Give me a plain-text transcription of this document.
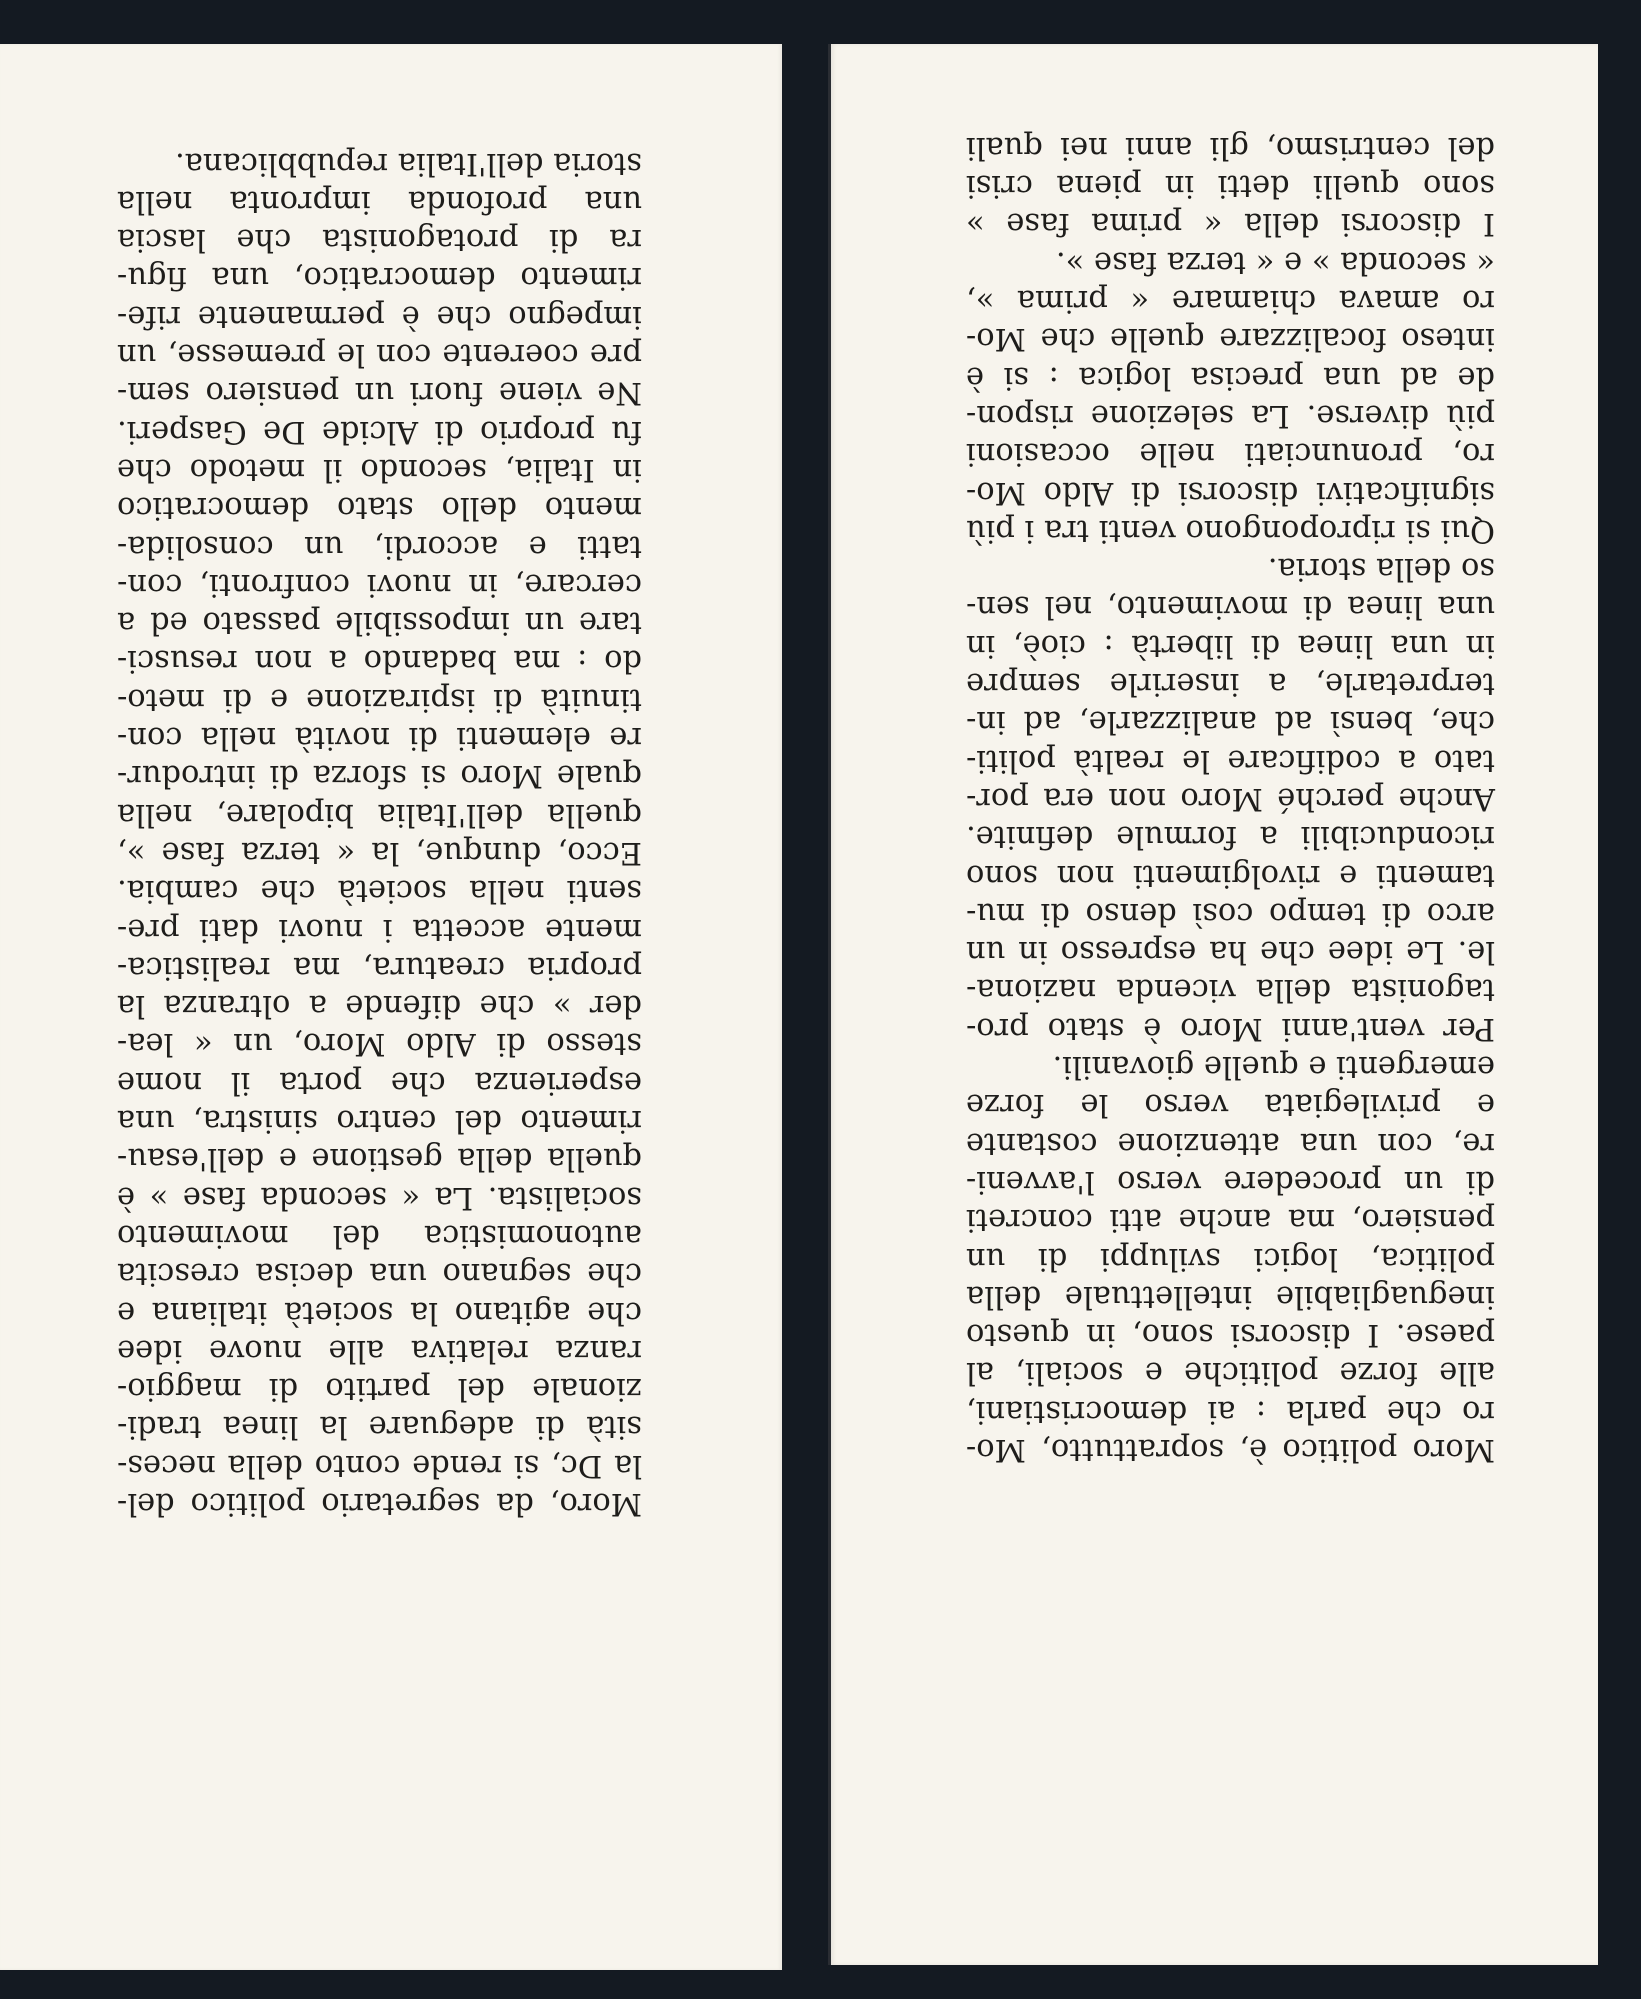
Moro, da segretario politico del-
la Dc, si rende conto della neces-
sità di adeguare la linea tradi-
zionale del partito di maggio-
ranza relativa alle nuove idee
che agitano la società italiana e
che segnano una decisa crescita
autonomistica del movimento
socialista. La « seconda fase » è
quella della gestione e dell'esau-
rimento del centro sinistra, una
esperienza che porta il nome
stesso di Aldo Moro, un « lea-
der » che difende a oltranza la
propria creatura, ma realistica-
mente accetta i nuovi dati pre-
senti nella società che cambia.
Ecco, dunque, la « terza fase »,
quella dell'Italia bipolare, nella
quale Moro si sforza di introdur-
re elementi di novità nella con-
tinuità di ispirazione e di meto-
do : ma badando a non resusci-
tare un impossibile passato ed a
cercare, in nuovi confronti, con-
tatti e accordi, un consolida-
mento dello stato democratico
in Italia, secondo il metodo che
fu proprio di Alcide De Gasperi.
Ne viene fuori un pensiero sem-
pre coerente con le premesse, un
impegno che è permanente rife-
rimento democratico, una figu-
ra di protagonista che lascia
una profonda impronta nella
storia dell'Italia repubblicana.
Moro politico è, soprattutto, Mo-
ro che parla : ai democristiani,
alle forze politiche e sociali, al
paese. I discorsi sono, in questo
ineguagliabile intellettuale della
politica, logici sviluppi di un
pensiero, ma anche atti concreti
di un procedere verso l'avveni-
re, con una attenzione costante
e privilegiata verso le forze
emergenti e quelle giovanili.
Per vent'anni Moro è stato pro-
tagonista della vicenda naziona-
le. Le idee che ha espresso in un
arco di tempo così denso di mu-
tamenti e rivolgimenti non sono
riconducibili a formule definite.
Anche perché Moro non era por-
tato a codificare le realtà politi-
che, bensì ad analizzarle, ad in-
terpretarle, a inserirle sempre
in una linea di libertà : cioè, in
una linea di movimento, nel sen-
so della storia.
Qui si ripropongono venti tra i più
significativi discorsi di Aldo Mo-
ro, pronunciati nelle occasioni
più diverse. La selezione rispon-
de ad una precisa logica : si è
inteso focalizzare quelle che Mo-
ro amava chiamare « prima »,
« seconda » e « terza fase ».
I discorsi della « prima fase »
sono quelli detti in piena crisi
del centrismo, gli anni nei quali
